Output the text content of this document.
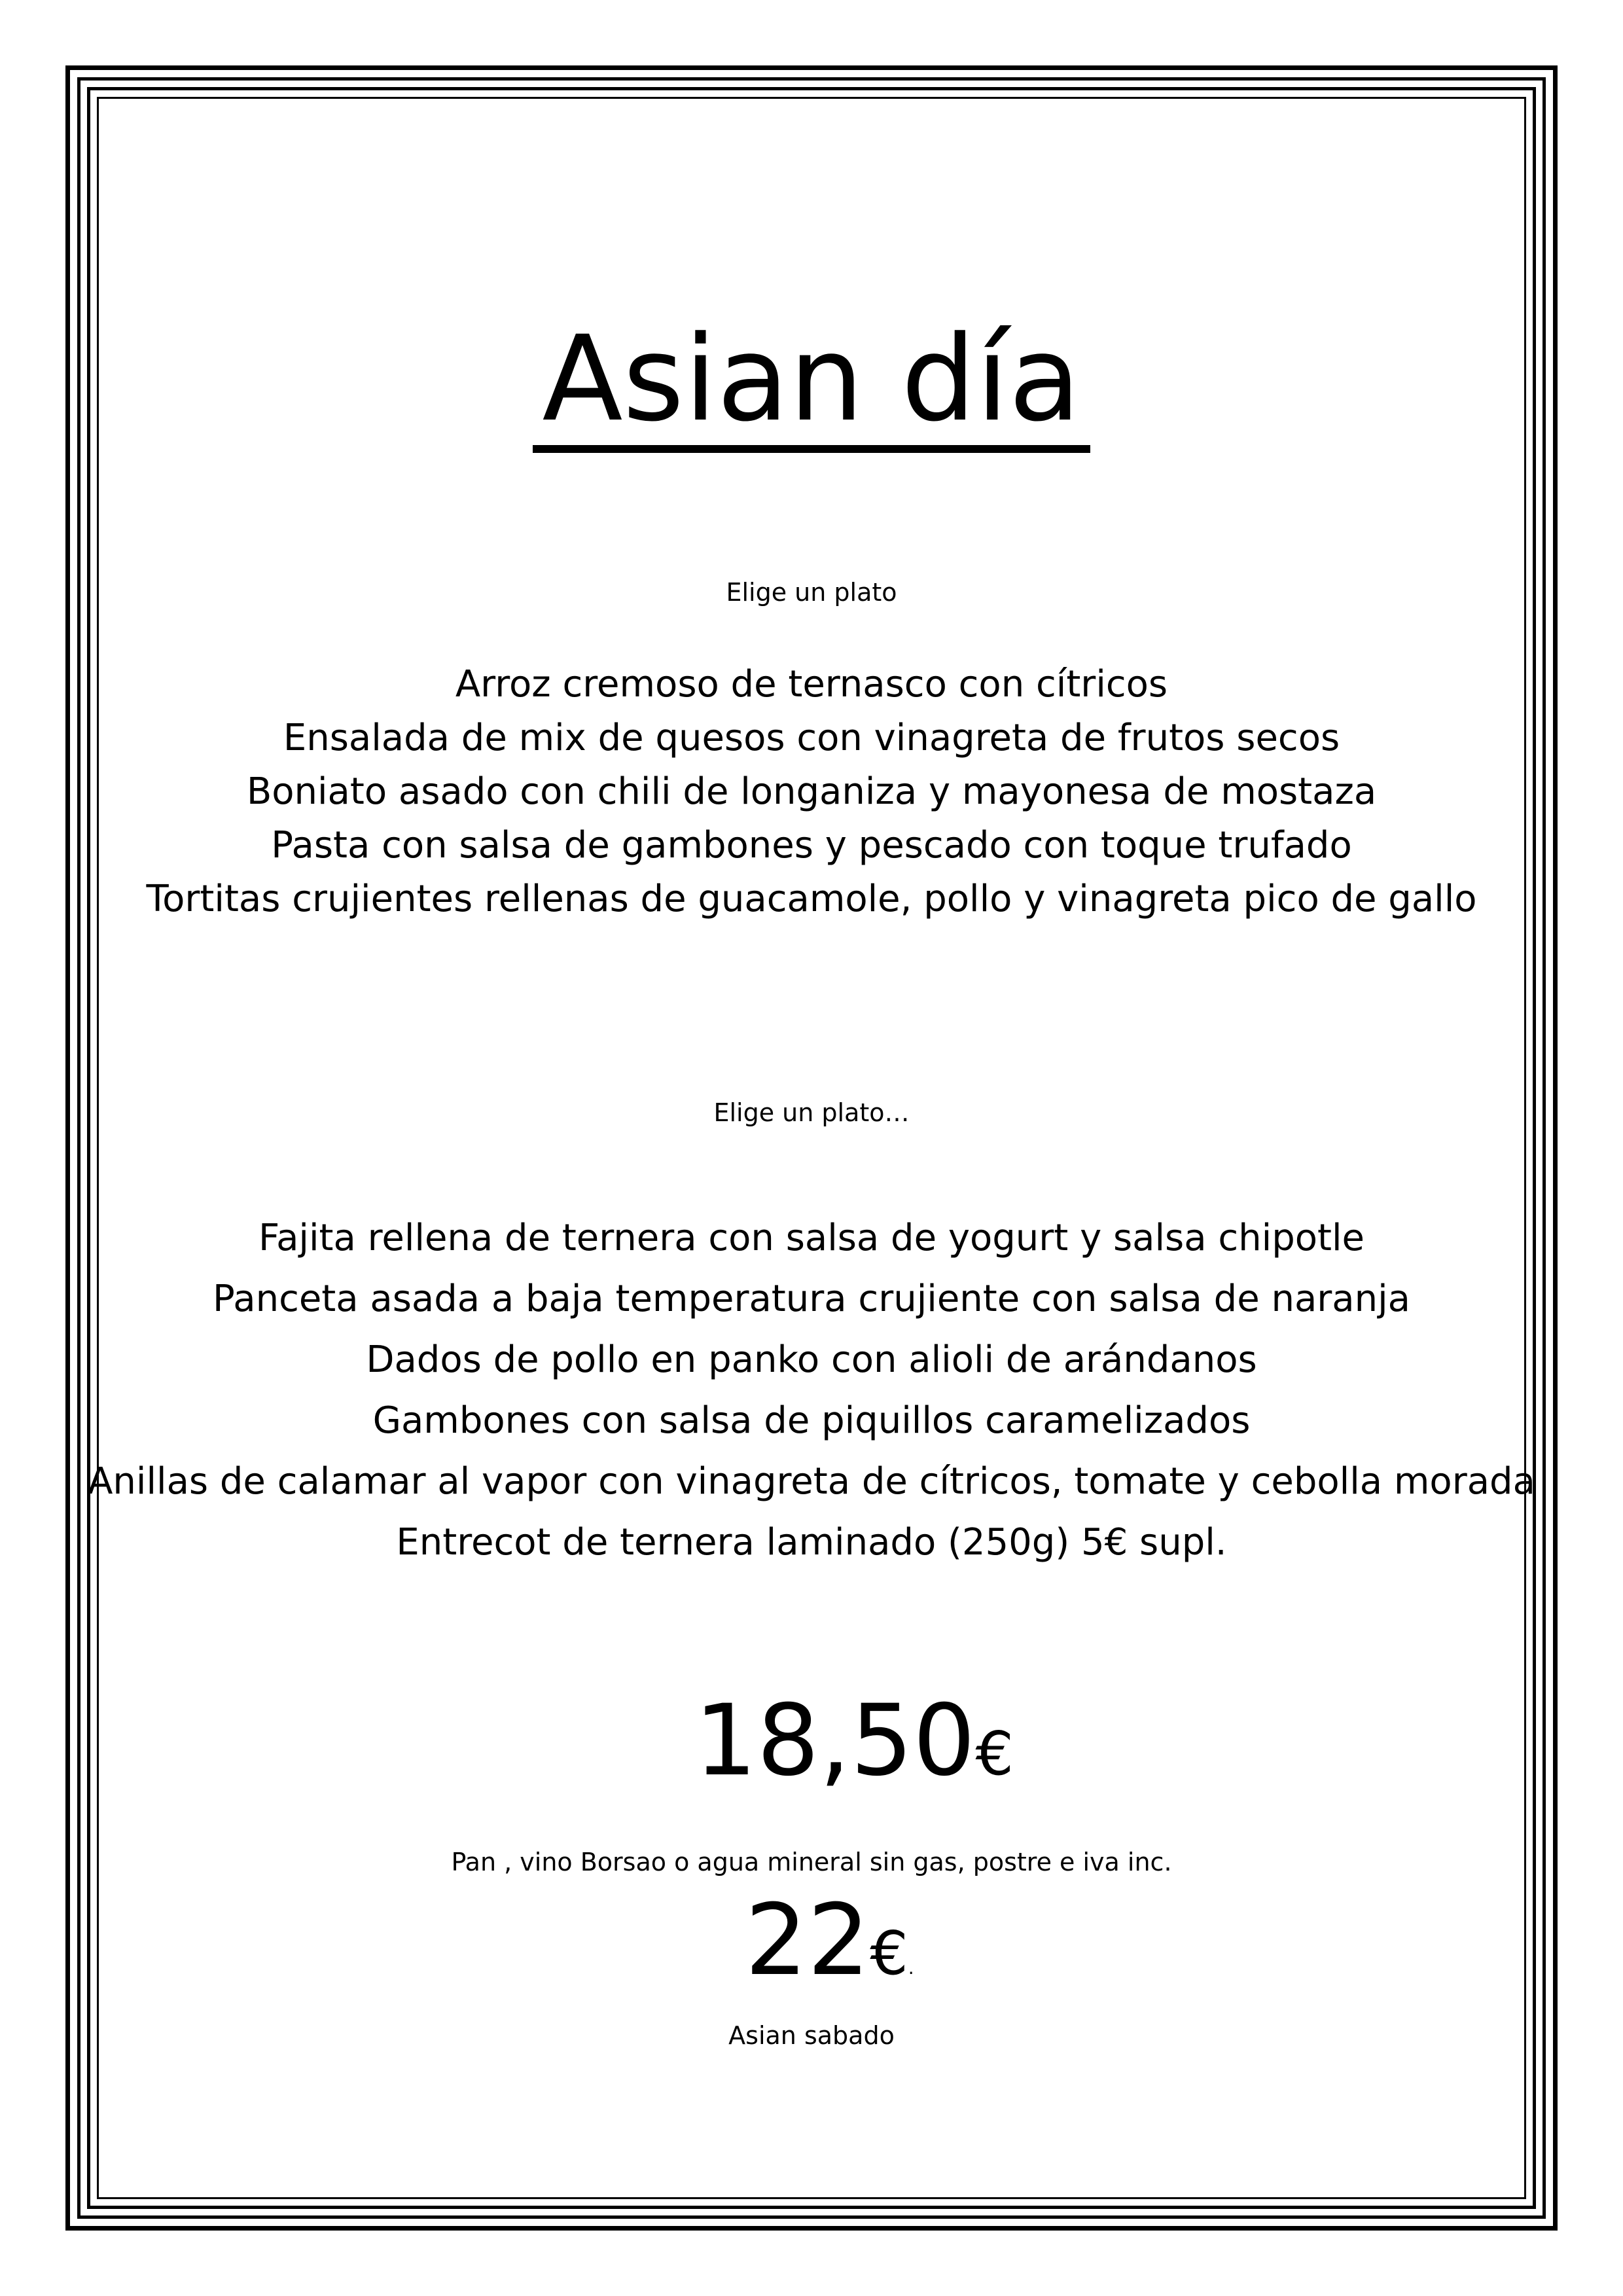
Asian día
Elige un plato
Arroz cremoso de ternasco con cítricos
Ensalada de mix de quesos con vinagreta de frutos secos
Boniato asado con chili de longaniza y mayonesa de mostaza
Pasta con salsa de gambones y pescado con toque trufado
Tortitas crujientes rellenas de guacamole, pollo y vinagreta pico de gallo
Elige un plato…
Fajita rellena de ternera con salsa de yogurt y salsa chipotle
Panceta asada a baja temperatura crujiente con salsa de naranja
Dados de pollo en panko con alioli de arándanos
Gambones con salsa de piquillos caramelizados
Anillas de calamar al vapor con vinagreta de cítricos, tomate y cebolla morada
Entrecot de ternera laminado (250g) 5€ supl.
18,50€
Pan , vino Borsao o agua mineral sin gas, postre e iva inc.
22€.
Asian sabado
